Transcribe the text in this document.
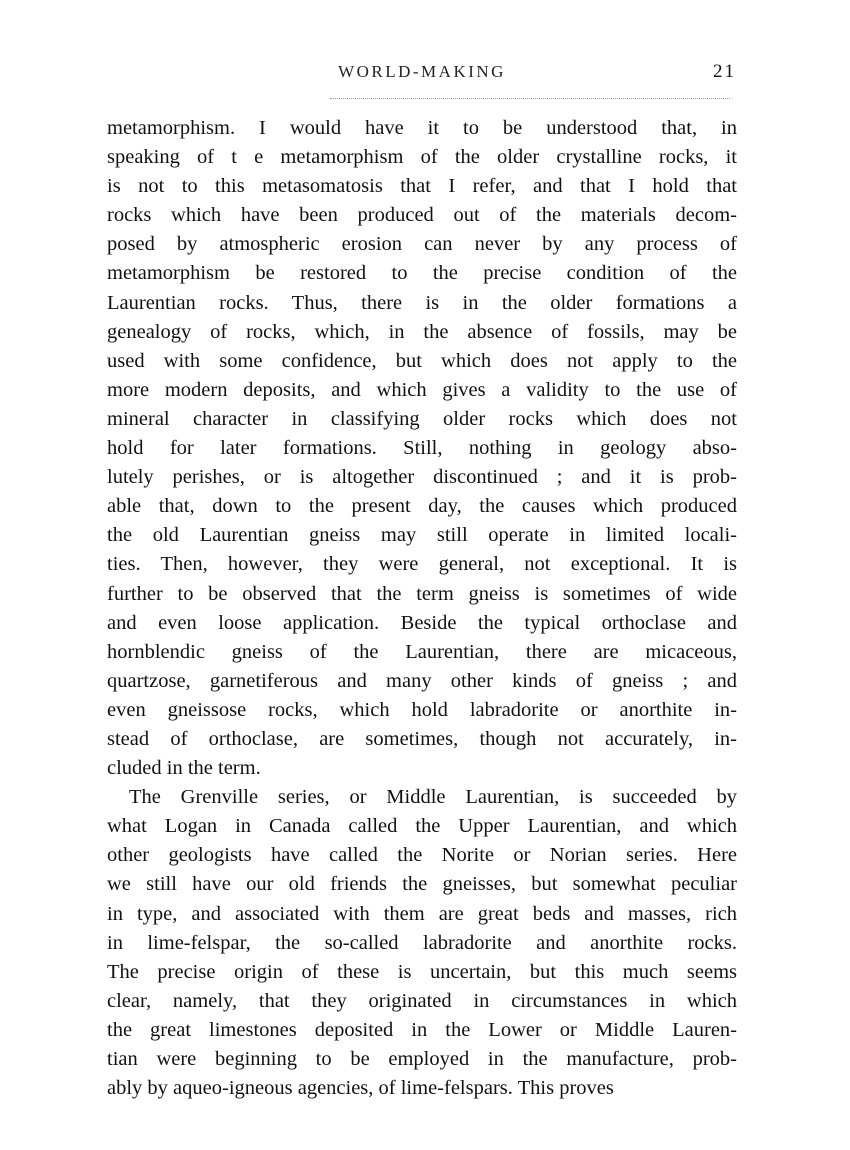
WORLD-MAKING	21
metamorphism. I would have it to be understood that, in
speaking of t e metamorphism of the older crystalline rocks, it
is not to this metasomatosis that I refer, and that I hold that
rocks which have been produced out of the materials decom-
posed by atmospheric erosion can never by any process of
metamorphism be restored to the precise condition of the
Laurentian rocks. Thus, there is in the older formations a
genealogy of rocks, which, in the absence of fossils, may be
used with some confidence, but which does not apply to the
more modern deposits, and which gives a validity to the use of
mineral character in classifying older rocks which does not
hold for later formations. Still, nothing in geology abso-
lutely perishes, or is altogether discontinued ; and it is prob-
able that, down to the present day, the causes which produced
the old Laurentian gneiss may still operate in limited locali-
ties. Then, however, they were general, not exceptional. It is
further to be observed that the term gneiss is sometimes of wide
and even loose application. Beside the typical orthoclase and
hornblendic gneiss of the Laurentian, there are micaceous,
quartzose, garnetiferous and many other kinds of gneiss ; and
even gneissose rocks, which hold labradorite or anorthite in-
stead of orthoclase, are sometimes, though not accurately, in-
cluded in the term.
The Grenville series, or Middle Laurentian, is succeeded by
what Logan in Canada called the Upper Laurentian, and which
other geologists have called the Norite or Norian series. Here
we still have our old friends the gneisses, but somewhat peculiar
in type, and associated with them are great beds and masses, rich
in lime-felspar, the so-called labradorite and anorthite rocks.
The precise origin of these is uncertain, but this much seems
clear, namely, that they originated in circumstances in which
the great limestones deposited in the Lower or Middle Lauren-
tian were beginning to be employed in the manufacture, prob-
ably by aqueo-igneous agencies, of lime-felspars. This proves
